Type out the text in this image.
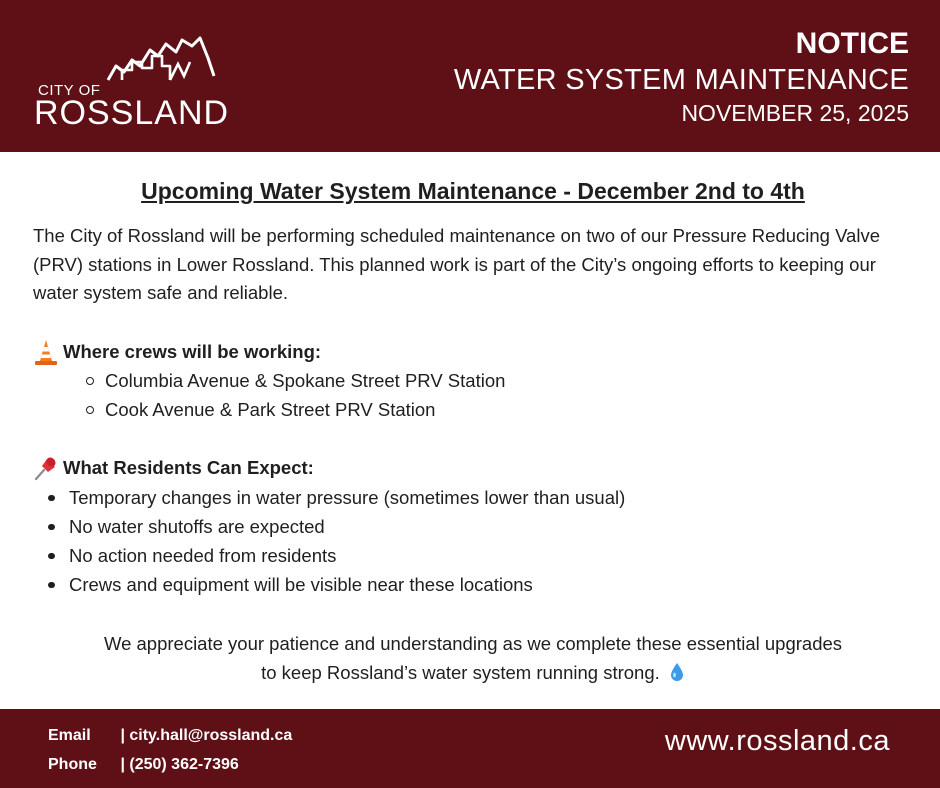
CITY OF
ROSSLAND
NOTICE
WATER SYSTEM MAINTENANCE
NOVEMBER 25, 2025
Upcoming Water System Maintenance - December 2nd to 4th

The City of Rossland will be performing scheduled maintenance on two of our Pressure Reducing Valve (PRV) stations in Lower Rossland. This planned work is part of the City’s ongoing efforts to keeping our water system safe and reliable.

Where crews will be working:
Columbia Avenue & Spokane Street PRV Station
Cook Avenue & Park Street PRV Station
What Residents Can Expect:
Temporary changes in water pressure (sometimes lower than usual)
No water shutoffs are expected
No action needed from residents
Crews and equipment will be visible near these locations
We appreciate your patience and understanding as we complete these essential upgrades
to keep Rossland’s water system running strong.
Email | city.hall@rossland.ca
Phone | (250) 362-7396
www.rossland.ca
